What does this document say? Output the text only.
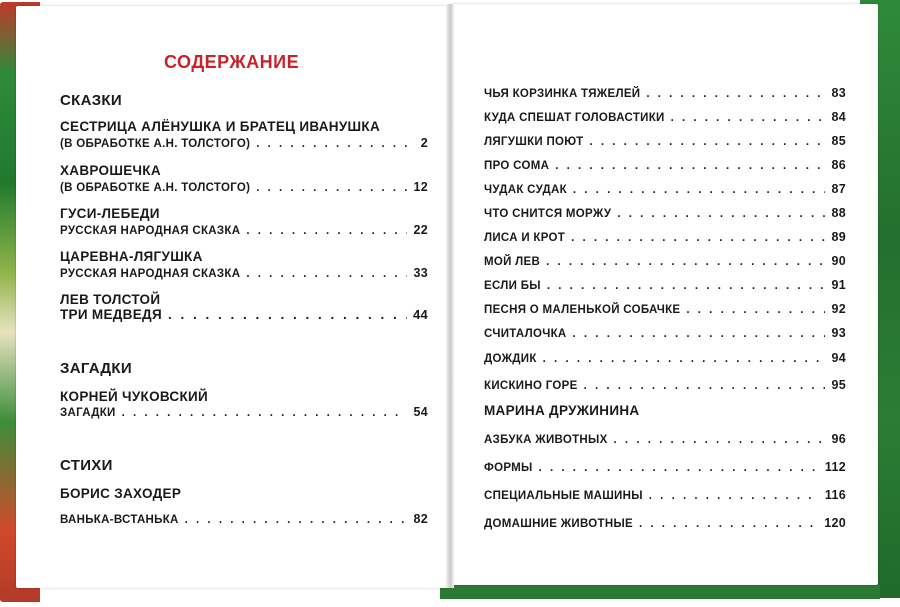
СОДЕРЖАНИЕ
СКАЗКИ
СЕСТРИЦА АЛЁНУШКА И БРАТЕЦ ИВАНУШКА
(В ОБРАБОТКЕ А.Н. ТОЛСТОГО) . . .	2
ХАВРОШЕЧКА
(В ОБРАБОТКЕ А.Н. ТОЛСТОГО) . . .	12
ГУСИ-ЛЕБЕДИ
РУССКАЯ НАРОДНАЯ СКАЗКА . . .	22
ЦАРЕВНА-ЛЯГУШКА
РУССКАЯ НАРОДНАЯ СКАЗКА . . .	33
ЛЕВ ТОЛСТОЙ
ТРИ МЕДВЕДЯ . . .	44
ЗАГАДКИ
КОРНЕЙ ЧУКОВСКИЙ
ЗАГАДКИ . . .	54
СТИХИ
БОРИС ЗАХОДЕР
ВАНЬКА-ВСТАНЬКА . . .	82
ЧЬЯ КОРЗИНКА ТЯЖЕЛЕЙ . . .	83
КУДА СПЕШАТ ГОЛОВАСТИКИ . . .	84
ЛЯГУШКИ ПОЮТ . . .	85
ПРО СОМА . . .	86
ЧУДАК СУДАК . . .	87
ЧТО СНИТСЯ МОРЖУ . . .	88
ЛИСА И КРОТ . . .	89
МОЙ ЛЕВ . . .	90
ЕСЛИ БЫ . . .	91
ПЕСНЯ О МАЛЕНЬКОЙ СОБАЧКЕ . . .	92
СЧИТАЛОЧКА . . .	93
ДОЖДИК . . .	94
КИСКИНО ГОРЕ . . .	95
МАРИНА ДРУЖИНИНА
АЗБУКА ЖИВОТНЫХ . . .	96
ФОРМЫ . . .	112
СПЕЦИАЛЬНЫЕ МАШИНЫ . . .	116
ДОМАШНИЕ ЖИВОТНЫЕ . . .	120
